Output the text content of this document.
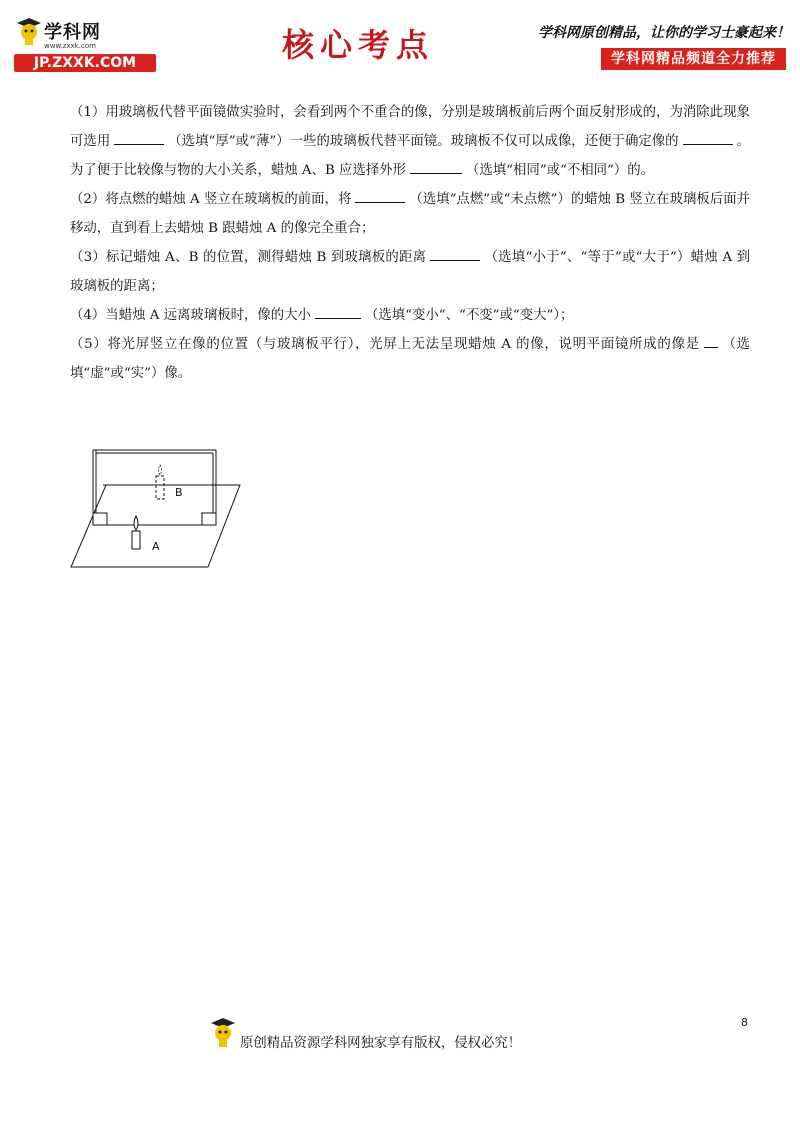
学科网
www.zxxk.com
JP.ZXXK.COM	核心考点	学科网原创精品，让你的学习士豪起来！
学科网精品频道全力推荐

（1）用玻璃板代替平面镜做实验时，会看到两个不重合的像，分别是玻璃板前后两个面反射形成的，为消除此现象可选用	（选填“厚”或“薄”）一些的玻璃板代替平面镜。玻璃板不仅可以成像，还便于确定像的	。为了便于比较像与物的大小关系，蜡烛 A、B 应选择外形	（选填“相同”或“不相同”）的。

（2）将点燃的蜡烛 A 竖立在玻璃板的前面，将	（选填“点燃”或“未点燃”）的蜡烛 B 竖立在玻璃板后面并移动，直到看上去蜡烛 B 跟蜡烛 A 的像完全重合；

（3）标记蜡烛 A、B 的位置，测得蜡烛 B 到玻璃板的距离	（选填“小于”、“等于”或“大于”）蜡烛 A 到玻璃板的距离；

（4）当蜡烛 A 远离玻璃板时，像的大小	（选填“变小”、“不变”或“变大”）；

（5）将光屏竖立在像的位置（与玻璃板平行），光屏上无法呈现蜡烛 A 的像，说明平面镜所成的像是 （选填“虚”或“实”）像。

B
A
原创精品资源学科网独家享有版权，侵权必究！
8
